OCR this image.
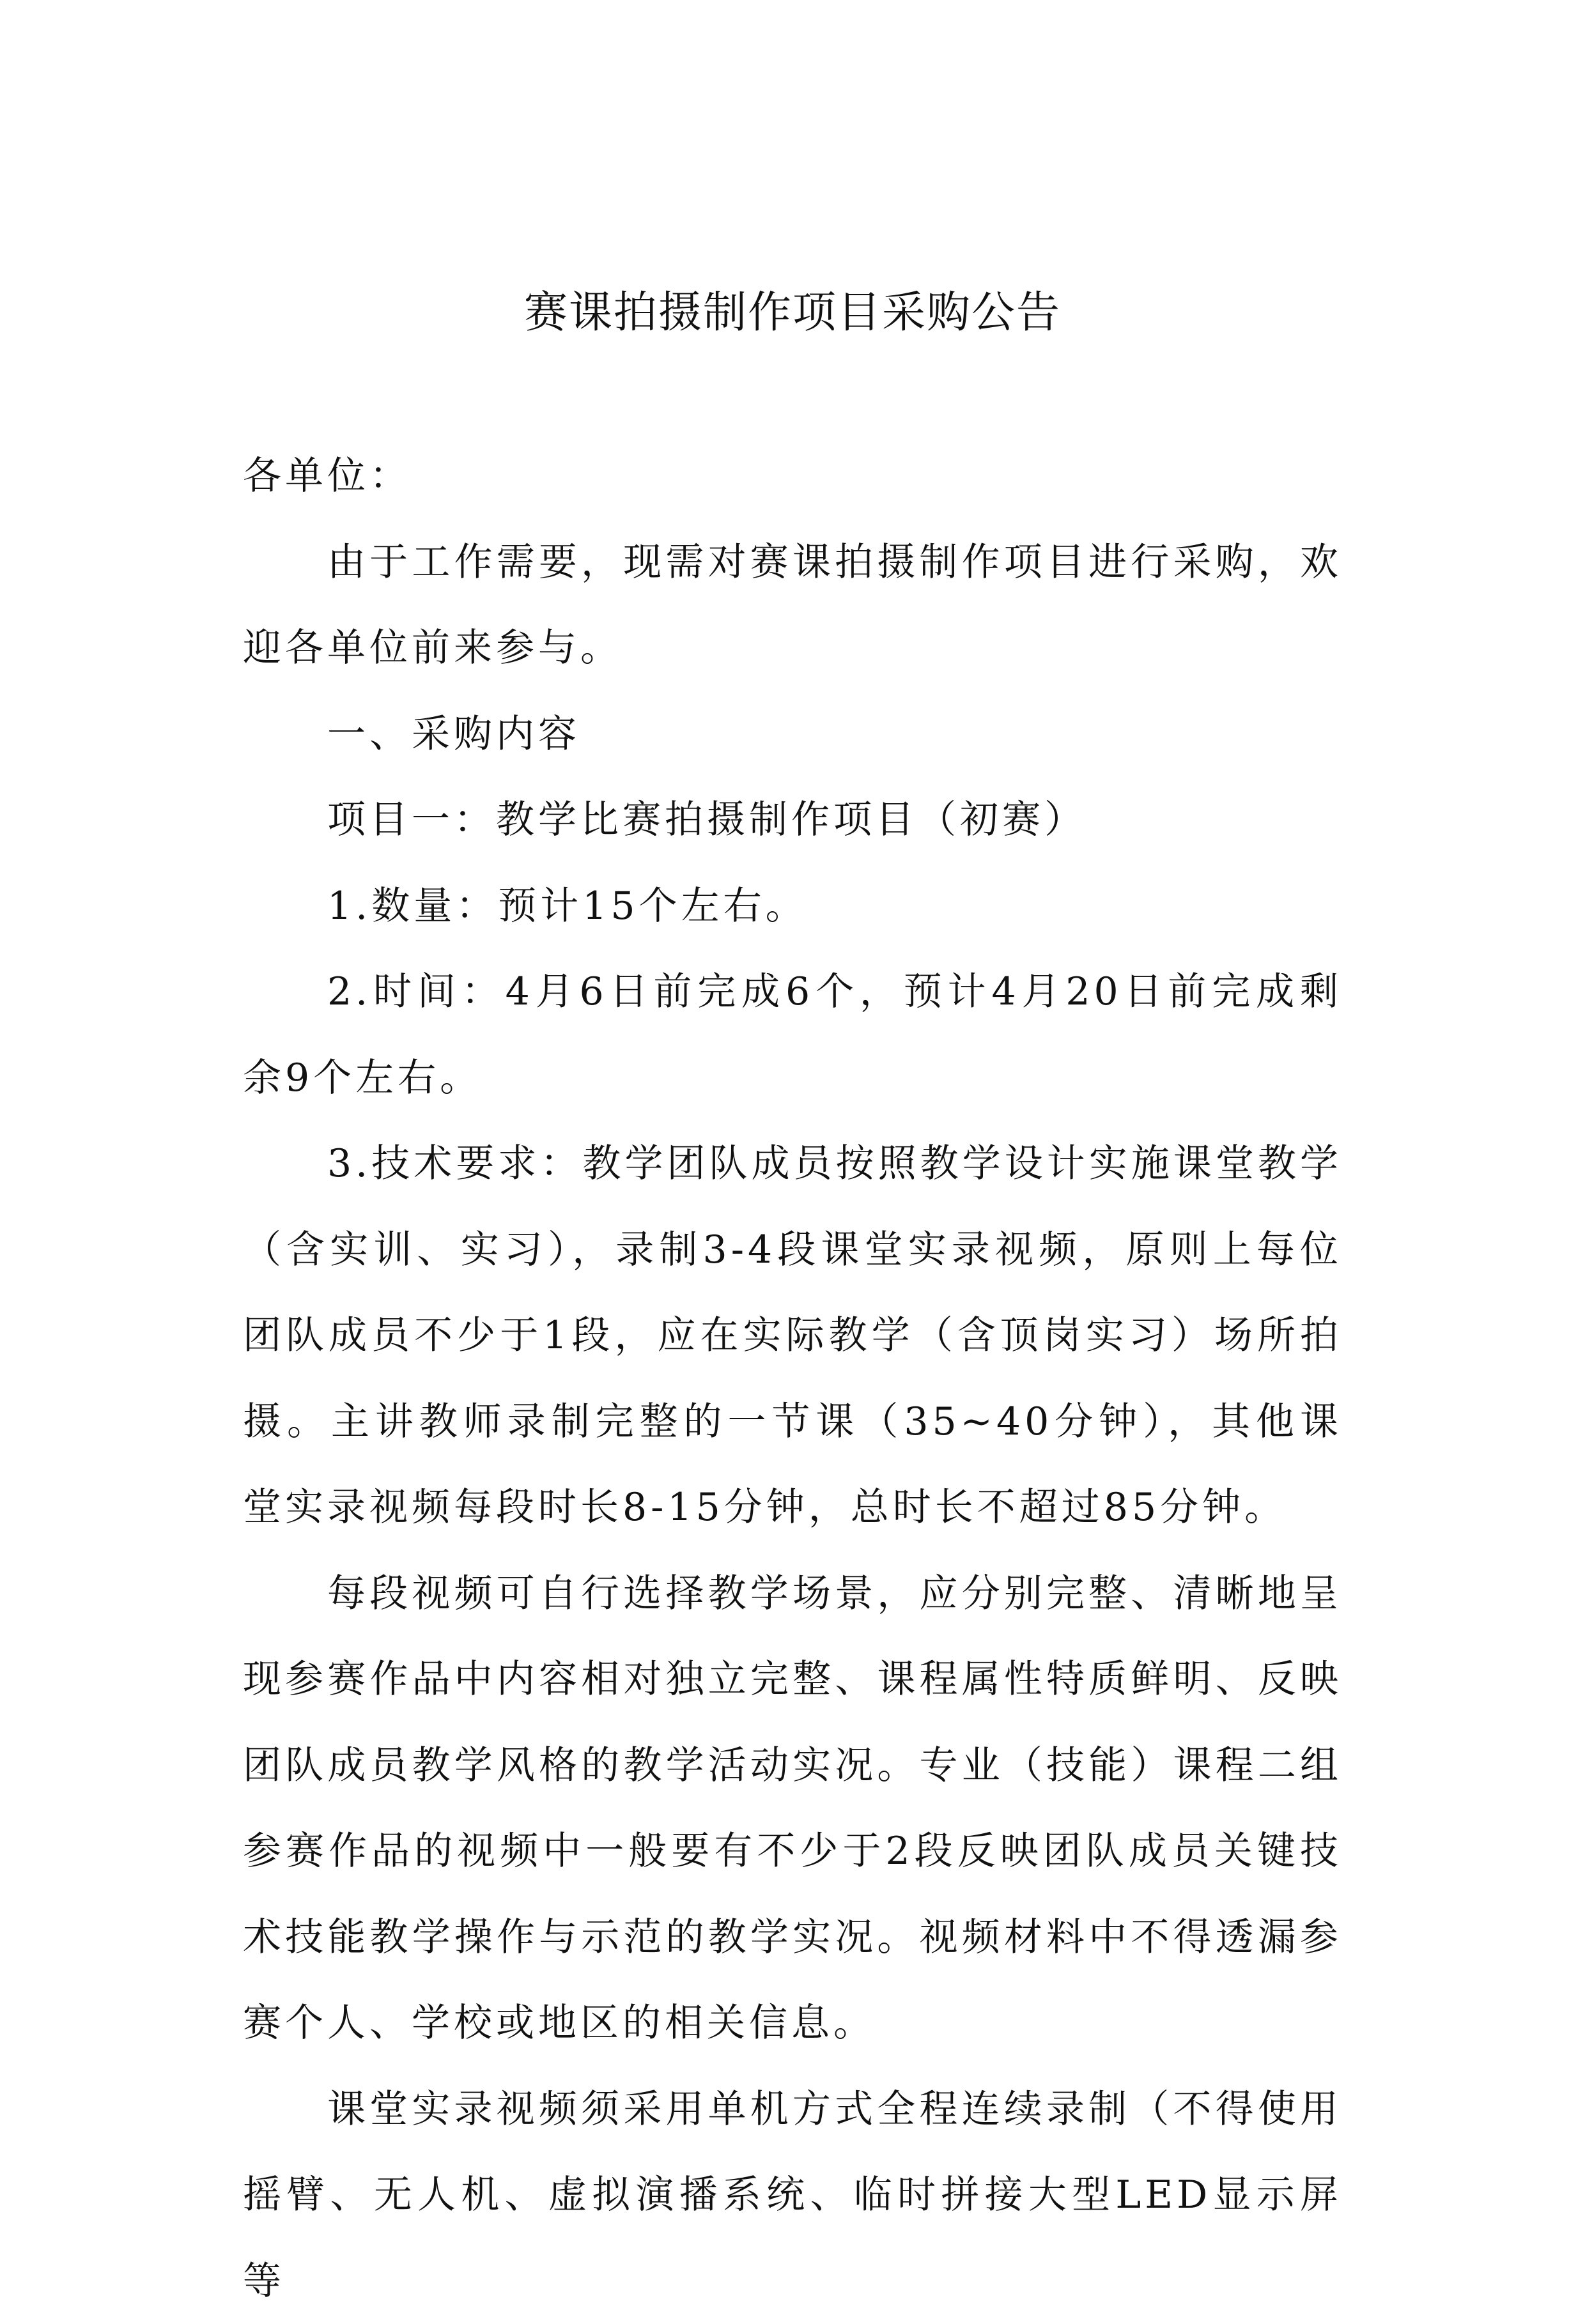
赛课拍摄制作项目采购公告

各单位：

由于工作需要，现需对赛课拍摄制作项目进行采购，欢迎各单位前来参与。

一、采购内容

项目一：教学比赛拍摄制作项目（初赛）

1.数量：预计15个左右。

2.时间：4月6日前完成6个，预计4月20日前完成剩余9个左右。

3.技术要求：教学团队成员按照教学设计实施课堂教学（含实训、实习），录制3-4段课堂实录视频，原则上每位团队成员不少于1段，应在实际教学（含顶岗实习）场所拍摄。主讲教师录制完整的一节课（35~40分钟），其他课堂实录视频每段时长8-15分钟，总时长不超过85分钟。

每段视频可自行选择教学场景，应分别完整、清晰地呈现参赛作品中内容相对独立完整、课程属性特质鲜明、反映团队成员教学风格的教学活动实况。专业（技能）课程二组参赛作品的视频中一般要有不少于2段反映团队成员关键技术技能教学操作与示范的教学实况。视频材料中不得透漏参赛个人、学校或地区的相关信息。

课堂实录视频须采用单机方式全程连续录制（不得使用摇臂、无人机、虚拟演播系统、临时拼接大型LED显示屏等
